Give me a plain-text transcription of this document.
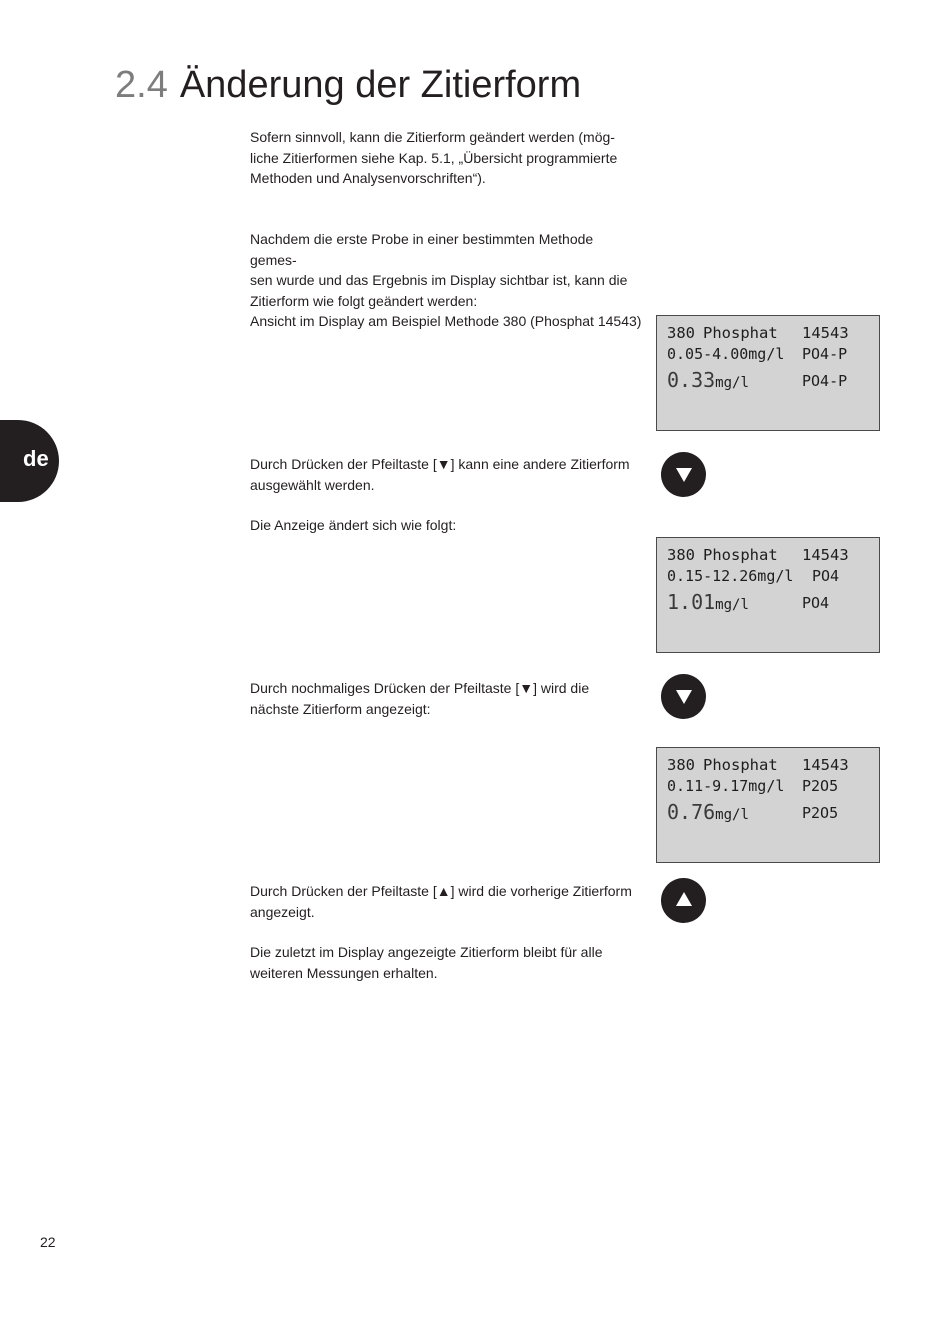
2.4 Änderung der Zitierform

Sofern sinnvoll, kann die Zitierform geändert werden (mög-

liche Zitierformen siehe Kap. 5.1, „Übersicht programmierte

Methoden und Analysenvorschriften“).

Nachdem die erste Probe in einer bestimmten Methode gemes-

sen wurde und das Ergebnis im Display sichtbar ist, kann die

Zitierform wie folgt geändert werden:

Ansicht im Display am Beispiel Methode 380 (Phosphat 14543)

380 Phosphat 14543
0.05-4.00mg/l PO4-P
0.33mg/l	PO4-P
de	Durch Drücken der Pfeiltaste [▼] kann eine andere Zitierform

ausgewählt werden.

Die Anzeige ändert sich wie folgt:

380 Phosphat 14543
0.15-12.26mg/l PO4
1.01mg/l	PO4

Durch nochmaliges Drücken der Pfeiltaste [▼] wird die

nächste Zitierform angezeigt:

380 Phosphat 14543
0.11-9.17mg/l P2O5
0.76mg/l	P2O5

Durch Drücken der Pfeiltaste [▲] wird die vorherige Zitierform

angezeigt.

Die zuletzt im Display angezeigte Zitierform bleibt für alle

weiteren Messungen erhalten.

22
